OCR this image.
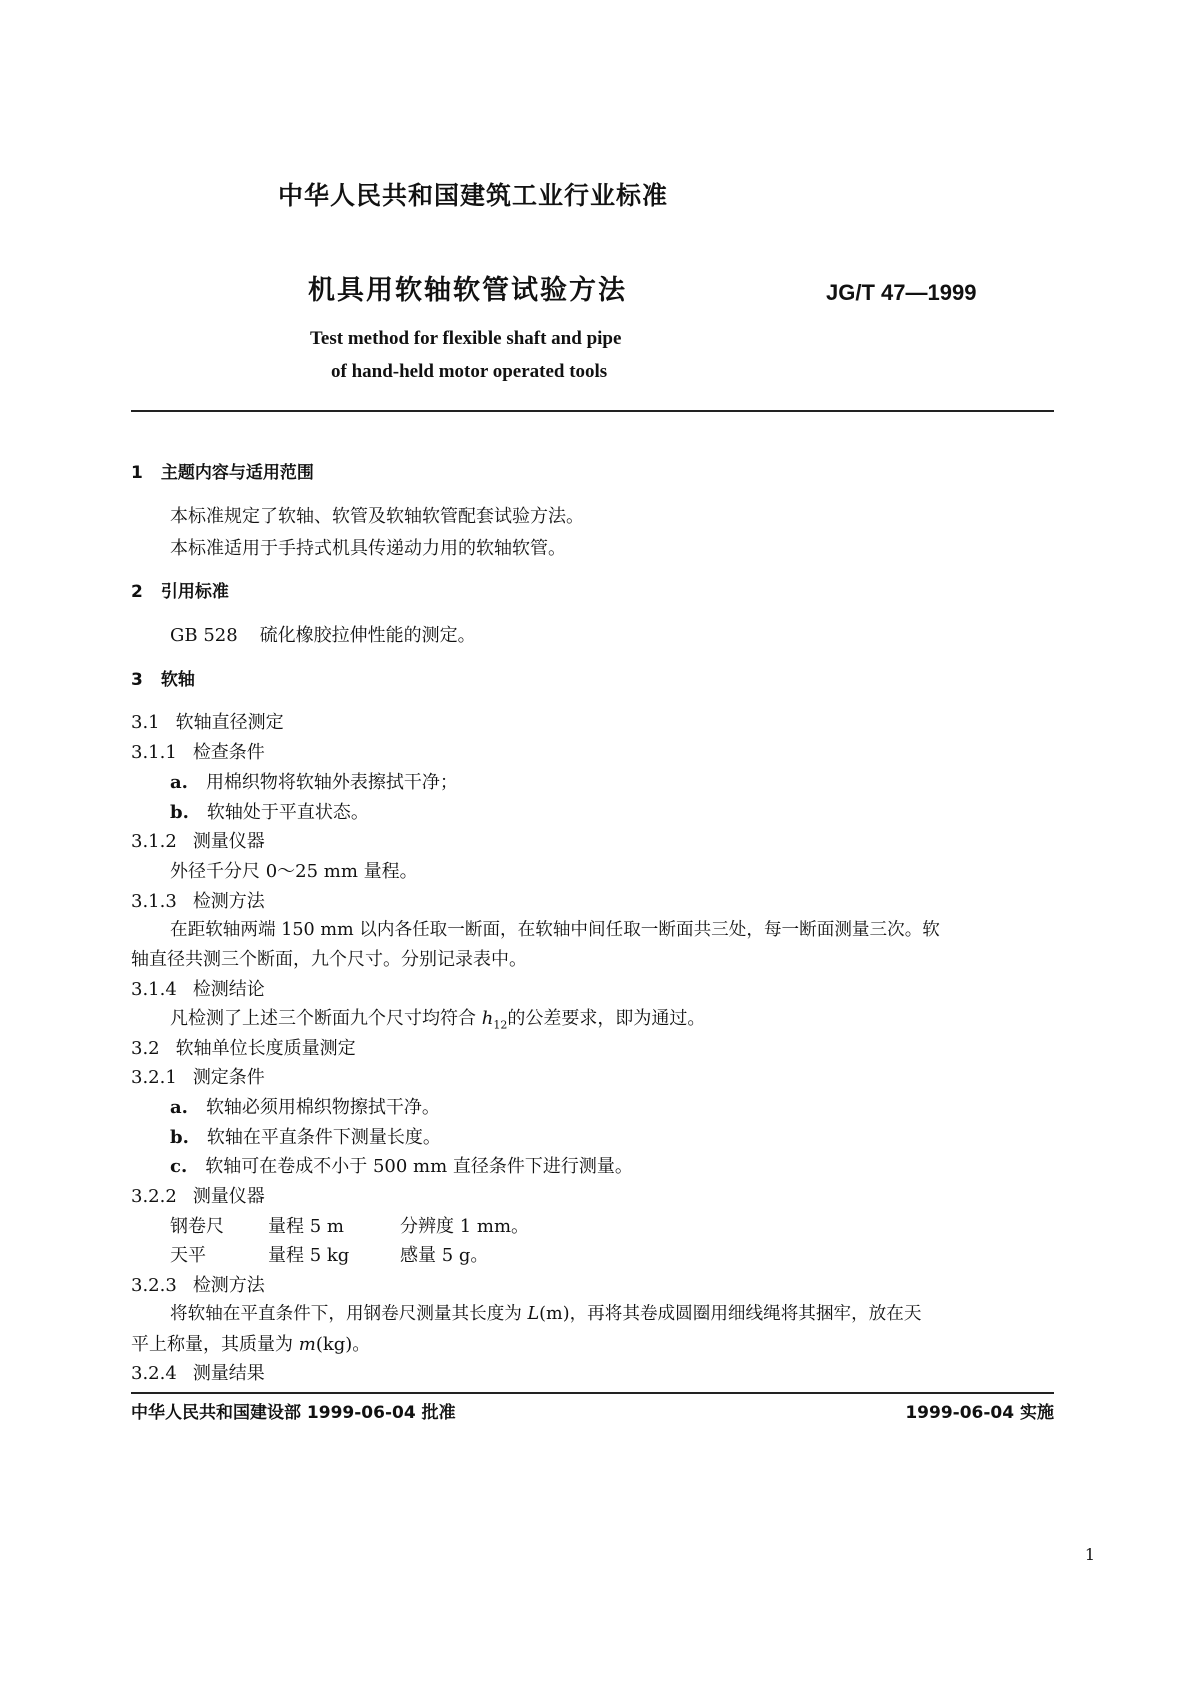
中华人民共和国建筑工业行业标准
机具用软轴软管试验方法	JG/T 47—1999
Test method for flexible shaft and pipe
of hand-held motor operated tools
1 主题内容与适用范围
本标准规定了软轴、软管及软轴软管配套试验方法。
本标准适用于手持式机具传递动力用的软轴软管。
2 引用标准
GB 528 硫化橡胶拉伸性能的测定。
3 软轴
3.1 软轴直径测定
3.1.1 检查条件
a. 用棉织物将软轴外表擦拭干净；
b. 软轴处于平直状态。
3.1.2 测量仪器
外径千分尺 0～25 mm 量程。
3.1.3 检测方法
在距软轴两端 150 mm 以内各任取一断面，在软轴中间任取一断面共三处，每一断面测量三次。软
轴直径共测三个断面，九个尺寸。分别记录表中。
3.1.4 检测结论
凡检测了上述三个断面九个尺寸均符合 $h_{12}$的公差要求，即为通过。
3.2 软轴单位长度质量测定
3.2.1 测定条件
a. 软轴必须用棉织物擦拭干净。
b. 软轴在平直条件下测量长度。
c. 软轴可在卷成不小于 500 mm 直径条件下进行测量。
3.2.2 测量仪器
钢卷尺 量程 5 m	分辨度 1 mm。
天平	量程 5 kg	感量 5 g。
3.2.3 检测方法
将软轴在平直条件下，用钢卷尺测量其长度为 L(m)，再将其卷成圆圈用细线绳将其捆牢，放在天
平上称量，其质量为 m(kg)。
3.2.4 测量结果
中华人民共和国建设部 1999-06-04 批准	1999-06-04 实施
1
